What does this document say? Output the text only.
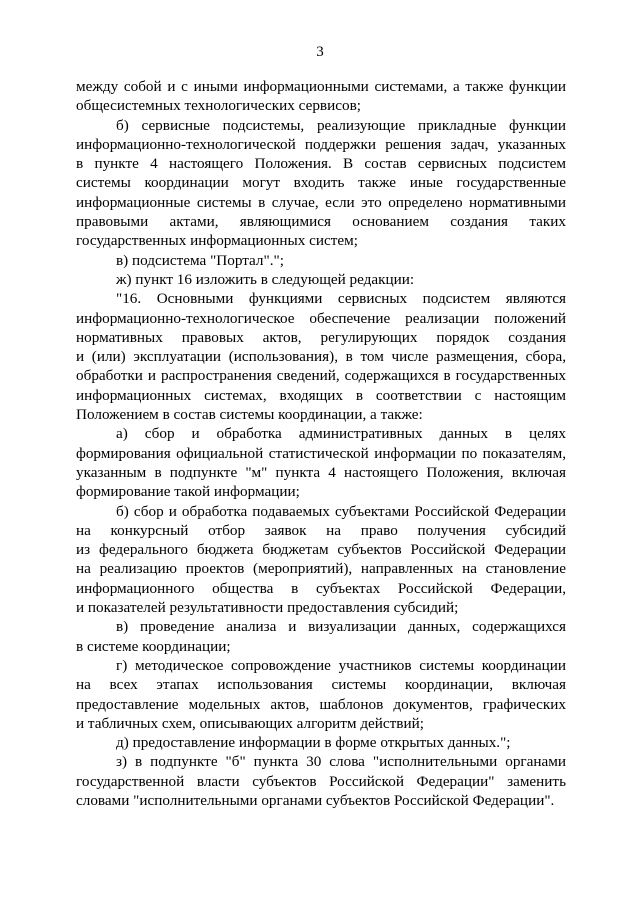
3
между собой и с иными информационными системами, а также функции
общесистемных технологических сервисов;
б) сервисные подсистемы, реализующие прикладные функции
информационно-технологической поддержки решения задач, указанных
в пункте 4 настоящего Положения. В состав сервисных подсистем
системы координации могут входить также иные государственные
информационные системы в случае, если это определено нормативными
правовыми актами, являющимися основанием создания таких
государственных информационных систем;
в) подсистема "Портал".";
ж) пункт 16 изложить в следующей редакции:
"16. Основными функциями сервисных подсистем являются
информационно-технологическое обеспечение реализации положений
нормативных правовых актов, регулирующих порядок создания
и (или) эксплуатации (использования), в том числе размещения, сбора,
обработки и распространения сведений, содержащихся в государственных
информационных системах, входящих в соответствии с настоящим
Положением в состав системы координации, а также:
а) сбор и обработка административных данных в целях
формирования официальной статистической информации по показателям,
указанным в подпункте "м" пункта 4 настоящего Положения, включая
формирование такой информации;
б) сбор и обработка подаваемых субъектами Российской Федерации
на конкурсный отбор заявок на право получения субсидий
из федерального бюджета бюджетам субъектов Российской Федерации
на реализацию проектов (мероприятий), направленных на становление
информационного общества в субъектах Российской Федерации,
и показателей результативности предоставления субсидий;
в) проведение анализа и визуализации данных, содержащихся
в системе координации;
г) методическое сопровождение участников системы координации
на всех этапах использования системы координации, включая
предоставление модельных актов, шаблонов документов, графических
и табличных схем, описывающих алгоритм действий;
д) предоставление информации в форме открытых данных.";
з) в подпункте "б" пункта 30 слова "исполнительными органами
государственной власти субъектов Российской Федерации" заменить
словами "исполнительными органами субъектов Российской Федерации".
